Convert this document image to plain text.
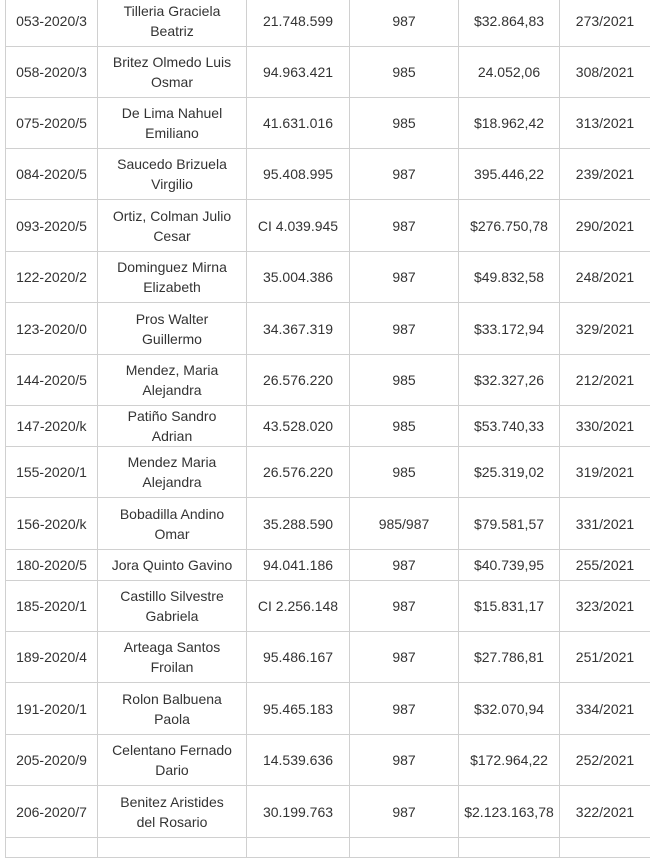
053-2020/3	Tilleria Graciela Beatriz	21.748.599	987	$32.864,83	273/2021
058-2020/3	Britez Olmedo Luis Osmar	94.963.421	985	24.052,06	308/2021
075-2020/5	De Lima Nahuel Emiliano	41.631.016	985	$18.962,42	313/2021
084-2020/5	Saucedo Brizuela Virgilio	95.408.995	987	395.446,22	239/2021
093-2020/5	Ortiz, Colman Julio Cesar	CI 4.039.945	987	$276.750,78	290/2021
122-2020/2	Dominguez Mirna Elizabeth	35.004.386	987	$49.832,58	248/2021
123-2020/0	Pros Walter Guillermo	34.367.319	987	$33.172,94	329/2021
144-2020/5	Mendez, Maria Alejandra	26.576.220	985	$32.327,26	212/2021
147-2020/k	Patiño Sandro Adrian	43.528.020	985	$53.740,33	330/2021
155-2020/1	Mendez Maria Alejandra	26.576.220	985	$25.319,02	319/2021
156-2020/k	Bobadilla Andino Omar	35.288.590	985/987	$79.581,57	331/2021
180-2020/5	Jora Quinto Gavino	94.041.186	987	$40.739,95	255/2021
185-2020/1	Castillo Silvestre Gabriela	CI 2.256.148	987	$15.831,17	323/2021
189-2020/4	Arteaga Santos Froilan	95.486.167	987	$27.786,81	251/2021
191-2020/1	Rolon Balbuena Paola	95.465.183	987	$32.070,94	334/2021
205-2020/9	Celentano Fernado Dario	14.539.636	987	$172.964,22	252/2021
206-2020/7	Benitez Aristides del Rosario	30.199.763	987	$2.123.163,78	322/2021
